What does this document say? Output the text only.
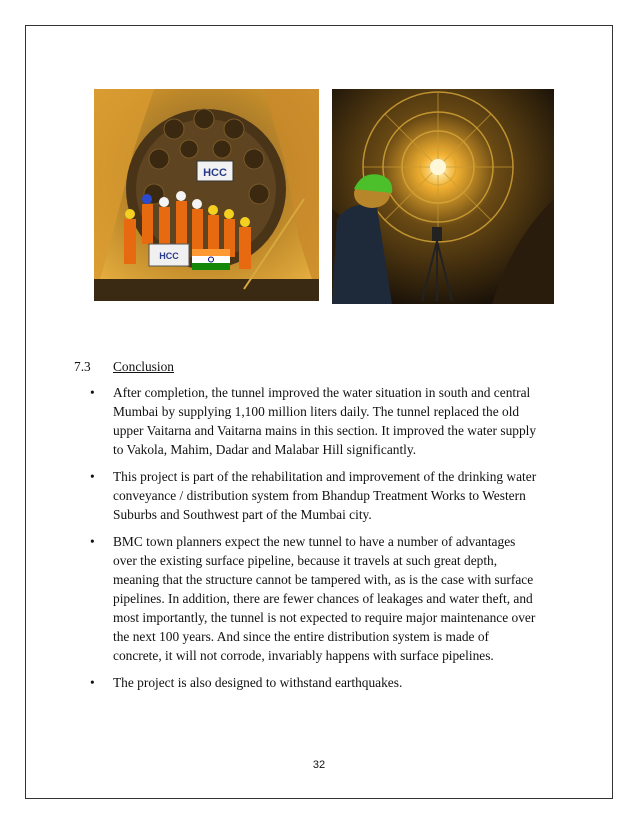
HCC
HCC
7.3	Conclusion
•	After completion, the tunnel improved the water situation in south and central Mumbai by supplying 1,100 million liters daily. The tunnel replaced the old upper Vaitarna and Vaitarna mains in this section. It improved the water supply to Vakola, Mahim, Dadar and Malabar Hill significantly.
•	This project is part of the rehabilitation and improvement of the drinking water conveyance / distribution system from Bhandup Treatment Works to Western Suburbs and Southwest part of the Mumbai city.
•	BMC town planners expect the new tunnel to have a number of advantages over the existing surface pipeline, because it travels at such great depth, meaning that the structure cannot be tampered with, as is the case with surface pipelines. In addition, there are fewer chances of leakages and water theft, and most importantly, the tunnel is not expected to require major maintenance over the next 100 years. And since the entire distribution system is made of concrete, it will not corrode, invariably happens with surface pipelines.
•	The project is also designed to withstand earthquakes.
32
